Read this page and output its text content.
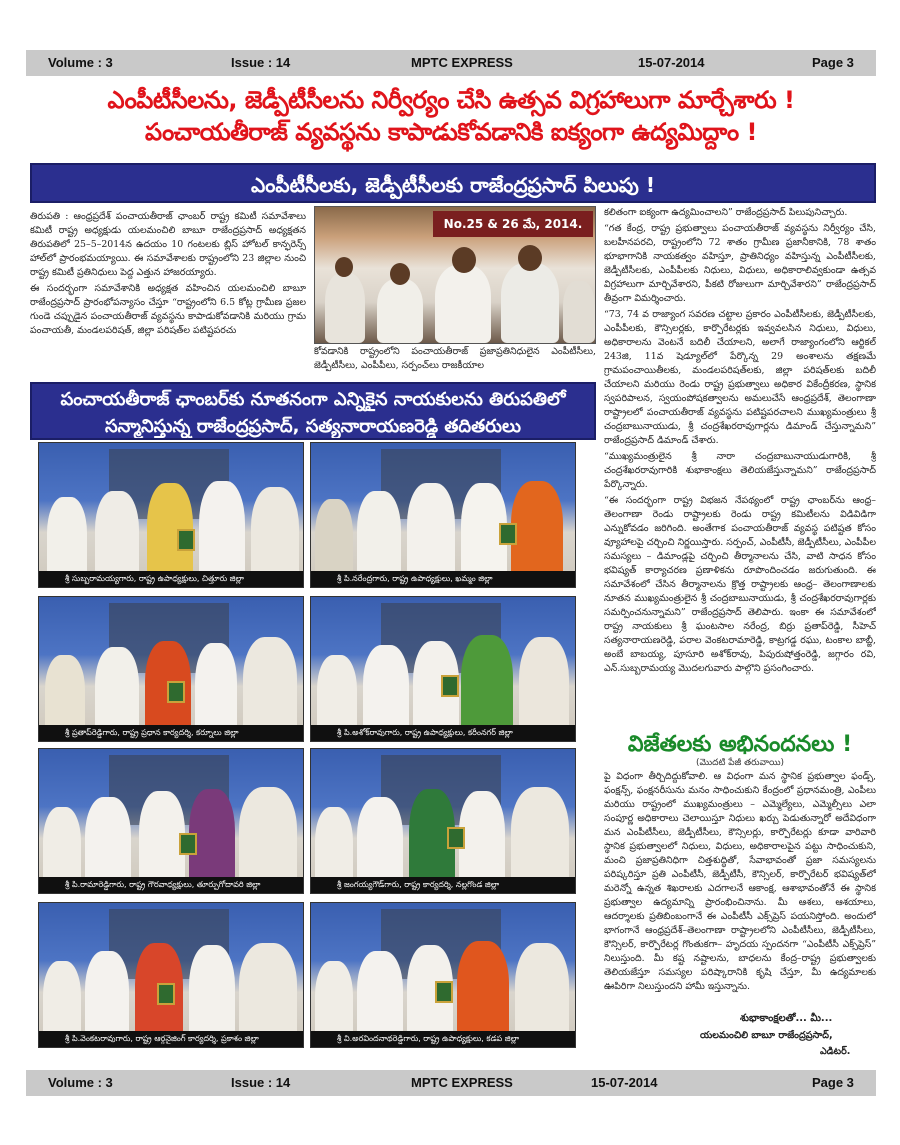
Volume : 3	Issue : 14	MPTC EXPRESS	15-07-2014	Page 3
ఎంపీటీసీలను, జెడ్పీటీసీలను నిర్వీర్యం చేసి ఉత్సవ విగ్రహాలుగా మార్చేశారు !
పంచాయతీరాజ్ వ్యవస్థను కాపాడుకోవడానికి ఐక్యంగా ఉద్యమిద్దాం !
ఎంపీటీసీలకు, జెడ్పీటీసీలకు రాజేంద్రప్రసాద్ పిలుపు !

తిరుపతి : ఆంధ్రప్రదేశ్ పంచాయతీరాజ్ ఛాంబర్ రాష్ట్ర కమిటీ సమావేశాలు కమిటీ రాష్ట్ర అధ్యక్షుడు యలమంచిలి బాబూ రాజేంద్రప్రసాద్ అధ్యక్షతన తిరుపతిలో 25–5–2014న ఉదయం 10 గంటలకు బ్లిస్ హోటల్ కాన్ఫరెన్స్ హాల్‌లో ప్రారంభమయ్యాయి. ఈ సమావేశాలకు రాష్ట్రంలోని 23 జిల్లాల నుంచి రాష్ట్ర కమిటీ ప్రతినిధులు పెద్ద ఎత్తున హాజరయ్యారు.

ఈ సందర్భంగా సమావేశానికి అధ్యక్షత వహించిన యలమంచిలి బాబూ రాజేంద్రప్రసాద్ ప్రారంభోపన్యాసం చేస్తూ “రాష్ట్రంలోని 6.5 కోట్ల గ్రామీణ ప్రజల గుండె చప్పుడైన పంచాయతీరాజ్ వ్యవస్థను కాపాడుకోవడానికి మరియు గ్రామ పంచాయతీ, మండలపరిషత్, జిల్లా పరిషత్‌ల పటిష్టపరచు

No.25 & 26 మే, 2014.
కోవడానికి రాష్ట్రంలోని పంచాయతీరాజ్ ప్రజాప్రతినిధులైన ఎంపీటీసీలు, జెడ్పీటీసీలు, ఎంపీపీలు, సర్పంచ్‌లు రాజకీయాల
పంచాయతీరాజ్ ఛాంబర్‌కు నూతనంగా ఎన్నికైన నాయకులను తిరుపతిలో
సన్మానిస్తున్న రాజేంద్రప్రసాద్, సత్యనారాయణరెడ్డి తదితరులు
శ్రీ సుబ్బరామయ్యగారు, రాష్ట్ర ఉపాధ్యక్షులు, చిత్తూరు జిల్లా	శ్రీ పి.నరేంద్రగారు, రాష్ట్ర ఉపాధ్యక్షులు, ఖమ్మం జిల్లా
శ్రీ ప్రతాప్‌రెడ్డిగారు, రాష్ట్ర ప్రధాన కార్యదర్శి, కర్నూలు జిల్లా	శ్రీ పి.అశోక్‌రావుగారు, రాష్ట్ర ఉపాధ్యక్షులు, కరీంనగర్ జిల్లా
శ్రీ పి.రామారెడ్డిగారు, రాష్ట్ర గౌరవాధ్యక్షులు, తూర్పుగోదావరి జిల్లా	శ్రీ జంగయ్యగౌడ్‌గారు, రాష్ట్ర కార్యదర్శి, నల్లగొండ జిల్లా
శ్రీ పి.వెంకటరావుగారు, రాష్ట్ర ఆర్గనైజింగ్ కార్యదర్శి, ప్రకాశం జిల్లా	శ్రీ వి.అరవిందనాథరెడ్డిగారు, రాష్ట్ర ఉపాధ్యక్షులు, కడప జిల్లా

కలితంగా ఐక్యంగా ఉద్యమించాలని” రాజేంద్రప్రసాద్ పిలుపునిచ్చారు.

“గత కేంద్ర, రాష్ట్ర ప్రభుత్వాలు పంచాయతీరాజ్ వ్యవస్థను నిర్వీర్యం చేసి, బలహీనపరచి, రాష్ట్రంలోని 72 శాతం గ్రామీణ ప్రజానీకానికి, 78 శాతం భూభాగానికి నాయకత్వం వహిస్తూ, ప్రాతినిధ్యం వహిస్తున్న ఎంపీటీసీలకు, జెడ్పీటీసీలకు, ఎంపీపీలకు నిధులు, విధులు, అధికారాలివ్వకుండా ఉత్సవ విగ్రహాలుగా మార్చివేశారని, పీకటి రోజులుగా మార్చివేశారని” రాజేంద్రప్రసాద్ తీవ్రంగా విమర్శించారు.

“73, 74 వ రాజ్యాంగ సవరణ చట్టాల ప్రకారం ఎంపీటీసీలకు, జెడ్పీటీసీలకు, ఎంపీపీలకు, కౌన్సిలర్లకు, కార్పొరేటర్లకు ఇవ్వవలసిన నిధులు, విధులు, అధికారాలను వెంటనే బదిలీ చేయాలని, అలాగే రాజ్యాంగంలోని ఆర్టికల్ 243జి, 11వ షెడ్యూల్‌లో పేర్కొన్న 29 అంశాలను తక్షణమే గ్రామపంచాయితీలకు, మండలపరిషత్‌లకు, జిల్లా పరిషత్‌లకు బదిలీ చేయాలని మరియు రెండు రాష్ట్ర ప్రభుత్వాలు అధికార వికేంద్రీకరణ, స్థానిక స్వపరిపాలన, స్వయంపోషకత్వాలను అమలుచేసే ఆంధ్రప్రదేశ్, తెలంగాణా రాష్ట్రాలలో పంచాయతీరాజ్ వ్యవస్థను పటిష్టపరచాలని ముఖ్యమంత్రులు శ్రీ చంద్రబాబునాయుడు, శ్రీ చంద్రశేఖరరావుగార్లను డిమాండ్ చేస్తున్నామని” రాజేంద్రప్రసాద్ డిమాండ్ చేశారు.

“ముఖ్యమంత్రులైన శ్రీ నారా చంద్రబాబునాయుడుగారికి, శ్రీ చంద్రశేఖరరావుగారికి శుభాకాంక్షలు తెలియజేస్తున్నామని” రాజేంద్రప్రసాద్ పేర్కొన్నారు.

“ఈ సందర్భంగా రాష్ట్ర విభజన నేపథ్యంలో రాష్ట్ర ఛాంబర్‌ను ఆంధ్ర–తెలంగాణా రెండు రాష్ట్రాలకు రెండు రాష్ట్ర కమిటీలను విడివిడిగా ఎన్నుకోవడం జరిగింది. అంతేగాక పంచాయతీరాజ్ వ్యవస్థ పటిష్టత కోసం వ్యూహాలపై చర్చించి నిర్ణయిస్తారు. సర్పంచ్, ఎంపీటీసీ, జెడ్పీటీసీలు, ఎంపీపీల సమస్యలు – డిమాండ్లపై చర్చించి తీర్మానాలను చేసి, వాటి సాధన కోసం భవిష్యత్ కార్యాచరణ ప్రణాళికను రూపొందించడం జరుగుతుంది. ఈ సమావేశంలో చేసిన తీర్మానాలను క్రొత్త రాష్ట్రాలకు ఆంధ్ర– తెలంగాణాలకు నూతన ముఖ్యమంత్రులైన శ్రీ చంద్రబాబునాయుడు, శ్రీ చంద్రశేఖరరావుగార్లకు సమర్పించనున్నామని” రాజేంద్రప్రసాద్ తెలిపారు. ఇంకా ఈ సమావేశంలో రాష్ట్ర నాయకులు శ్రీ ఘంటసాల నరేంద్ర, బిర్రు ప్రతాప్‌రెడ్డి, సీహెచ్ సత్యనారాయణరెడ్డి, పరాల వెంకటరామారెడ్డి, కాట్రగడ్డ రఘు, టంకాల బాబ్జీ, అంబే బాబయ్య, పూసూరి అశోక్‌రావు, పిపురుషోత్తంరెడ్డి, జగ్గారం రవి, ఎన్.సుబ్బరామయ్య మొదలగువారు పాల్గొని ప్రసంగించారు.

విజేతలకు అభినందనలు !
(మొదటి పేజీ తరువాయి)

పై విధంగా తీర్చిదిద్దుకోవాలి. ఆ విధంగా మన స్థానిక ప్రభుత్వాల ఫండ్స్, ఫంక్షన్స్, ఫంక్షనరీసును మనం సాధించుకుని కేంద్రంలో ప్రధానమంత్రి, ఎంపీలు మరియు రాష్ట్రంలో ముఖ్యమంత్రులు – ఎమ్మెల్యేలు, ఎమ్మెల్సీలు ఎలా సంపూర్ణ అధికారాలు చెలాయిస్తూ నిధులు ఖర్చు పెడుతున్నారో అదేవిధంగా మన ఎంపీటీసీలు, జెడ్పీటీసీలు, కౌన్సిలర్లు, కార్పొరేటర్లు కూడా వారివారి స్థానిక ప్రభుత్వాలలో నిధులు, విధులు, అధికారాలపైన పట్టు సాధించుకుని, మంచి ప్రజాప్రతినిధిగా చిత్తశుద్ధితో, సేవాభావంతో ప్రజా సమస్యలను పరిష్కరిస్తూ ప్రతి ఎంపీటీసీ, జెడ్పీటీసీ, కౌన్సిలర్, కార్పొరేటర్ భవిష్యత్‌లో మరెన్నో ఉన్నత శిఖరాలకు ఎదగాలనే ఆకాంక్ష, ఆశాభావంతోనే ఈ స్థానిక ప్రభుత్వాల ఉద్యమాన్ని ప్రారంభించినాను. మీ ఆశలు, ఆశయాలు, ఆదర్శాలకు ప్రతిబింబంగానే ఈ ఎంపీటీసీ ఎక్స్‌ప్రెస్ పయనిస్తోంది. అందులో భాగంగానే ఆంధ్రప్రదేశ్–తెలంగాణా రాష్ట్రాలలోని ఎంపీటీసీలు, జెడ్పీటీసీలు, కౌన్సిలర్, కార్పొరేటర్ల గొంతుకగా– హృదయ స్పందనగా “ఎంపీటీసీ ఎక్స్‌ప్రెస్” నిలుస్తుంది. మీ కష్ట నష్టాలను, బాధలను కేంద్ర–రాష్ట్ర ప్రభుత్వాలకు తెలియజేస్తూ సమస్యల పరిష్కారానికి కృషి చేస్తూ, మీ ఉద్యమాలకు ఊపిరిగా నిలుస్తుందని హామీ ఇస్తున్నాను.

శుభాకాంక్షలతో... మీ...
యలమంచిలి బాబూ రాజేంద్రప్రసాద్,
ఎడిటర్.
Volume : 3	Issue : 14	MPTC EXPRESS	15-07-2014	Page 3
